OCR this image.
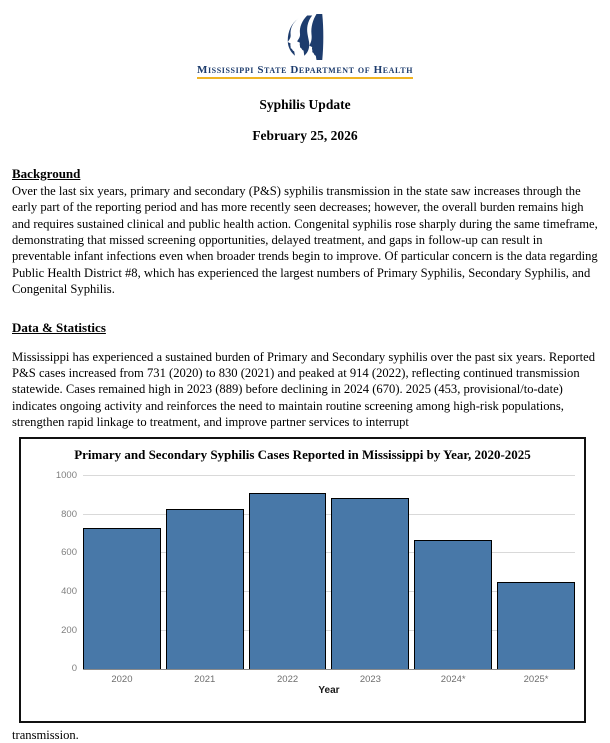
Mississippi State Department of Health
Syphilis Update
February 25, 2026
Background
Over the last six years, primary and secondary (P&S) syphilis transmission in the state saw increases through the early part of the reporting period and has more recently seen decreases; however, the overall burden remains high and requires sustained clinical and public health action. Congenital syphilis rose sharply during the same timeframe, demonstrating that missed screening opportunities, delayed treatment, and gaps in follow-up can result in preventable infant infections even when broader trends begin to improve. Of particular concern is the data regarding Public Health District #8, which has experienced the largest numbers of Primary Syphilis, Secondary Syphilis, and Congenital Syphilis.
Data & Statistics
Mississippi has experienced a sustained burden of Primary and Secondary syphilis over the past six years. Reported P&S cases increased from 731 (2020) to 830 (2021) and peaked at 914 (2022), reflecting continued transmission statewide. Cases remained high in 2023 (889) before declining in 2024 (670). 2025 (453, provisional/to-date) indicates ongoing activity and reinforces the need to maintain routine screening among high-risk populations, strengthen rapid linkage to treatment, and improve partner services to interrupt
Primary and Secondary Syphilis Cases Reported in Mississippi by Year, 2020-2025
0
200
400
600
800
1000
2020	2021	2022	2023	2024*	2025*
Year
transmission.
